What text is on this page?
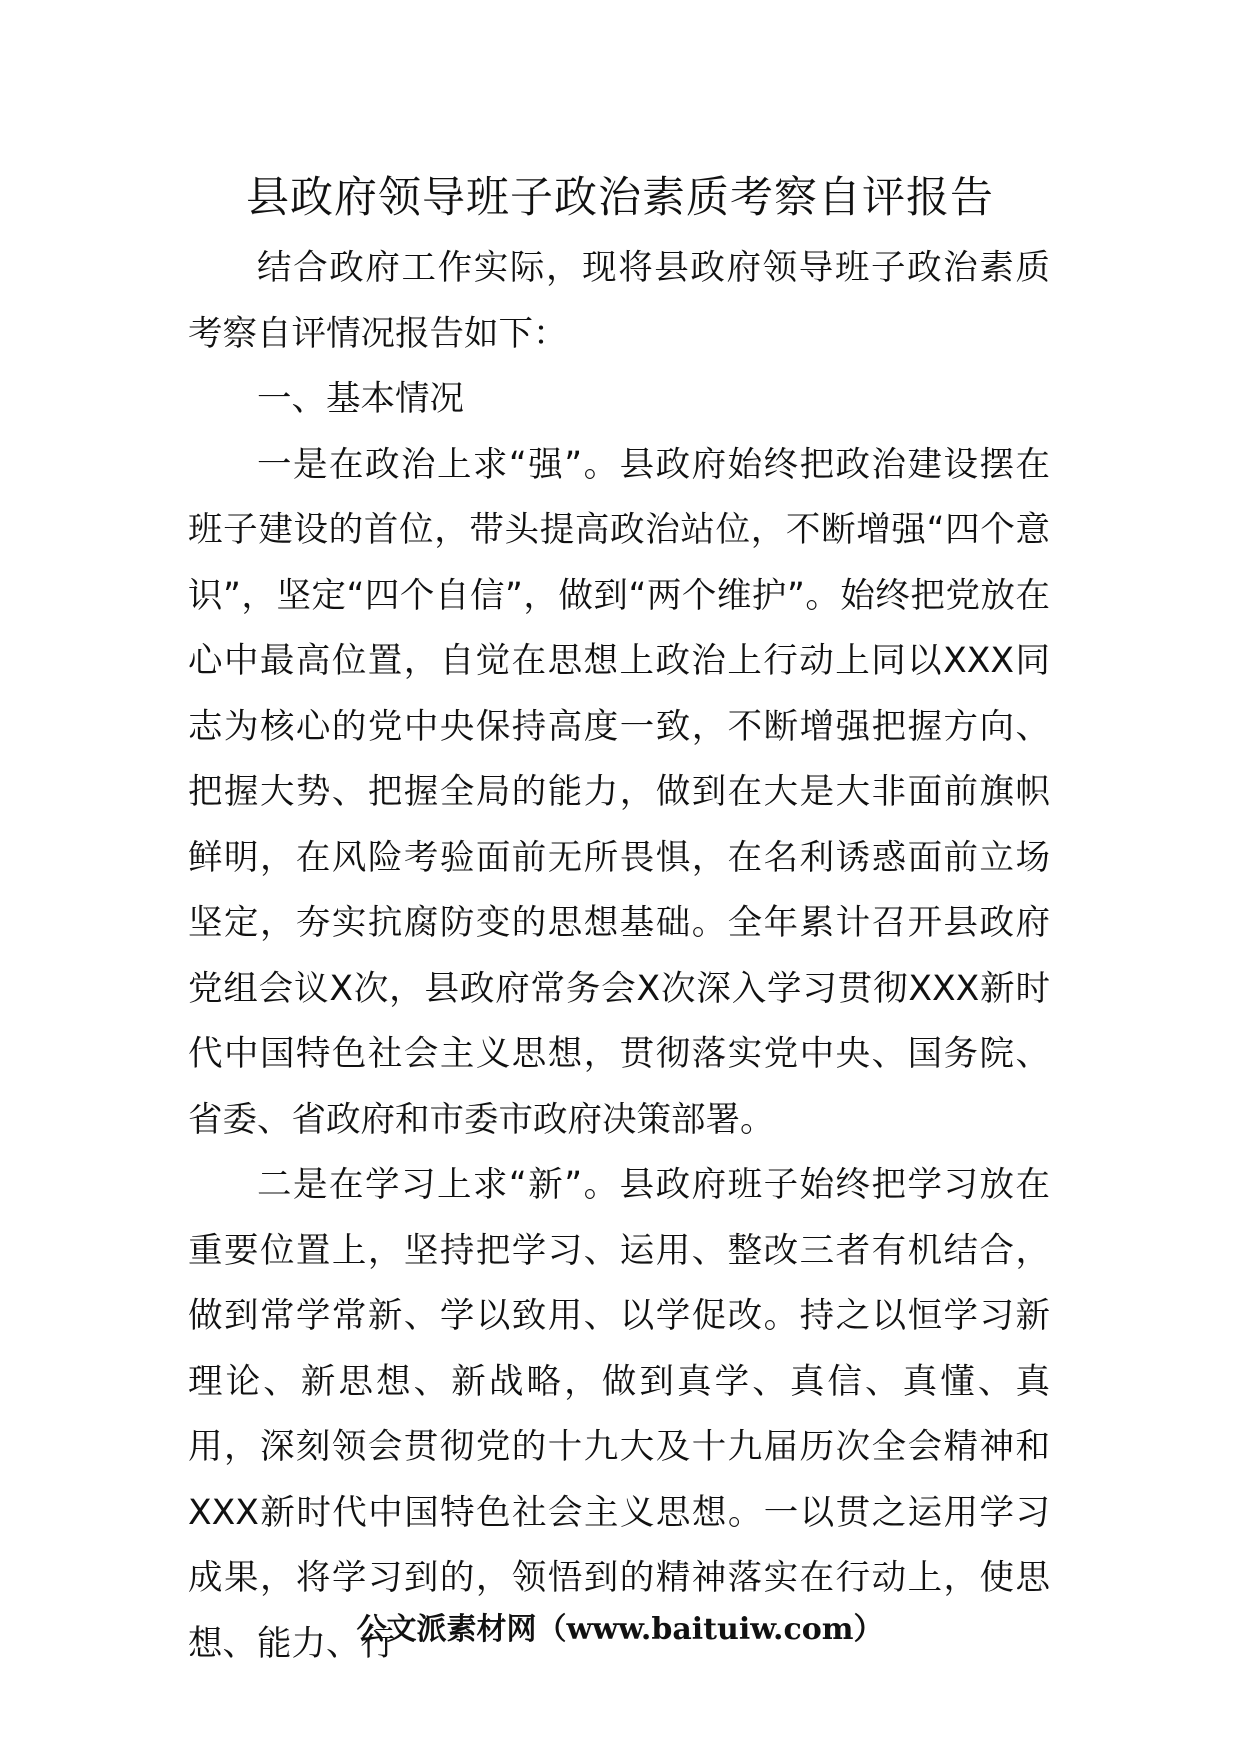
县政府领导班子政治素质考察自评报告

结合政府工作实际，现将县政府领导班子政治素质考察自评情况报告如下：

一、基本情况

一是在政治上求“强”。县政府始终把政治建设摆在班子建设的首位，带头提高政治站位，不断增强“四个意识”，坚定“四个自信”，做到“两个维护”。始终把党放在心中最高位置，自觉在思想上政治上行动上同以XXX同志为核心的党中央保持高度一致，不断增强把握方向、把握大势、把握全局的能力，做到在大是大非面前旗帜鲜明，在风险考验面前无所畏惧，在名利诱惑面前立场坚定，夯实抗腐防变的思想基础。全年累计召开县政府党组会议X次，县政府常务会X次深入学习贯彻XXX新时代中国特色社会主义思想，贯彻落实党中央、国务院、省委、省政府和市委市政府决策部署。

二是在学习上求“新”。县政府班子始终把学习放在重要位置上，坚持把学习、运用、整改三者有机结合，做到常学常新、学以致用、以学促改。持之以恒学习新理论、新思想、新战略，做到真学、真信、真懂、真用，深刻领会贯彻党的十九大及十九届历次全会精神和XXX新时代中国特色社会主义思想。一以贯之运用学习成果，将学习到的，领悟到的精神落实在行动上，使思想、能力、行

公文派素材网（www.baituiw.com）
